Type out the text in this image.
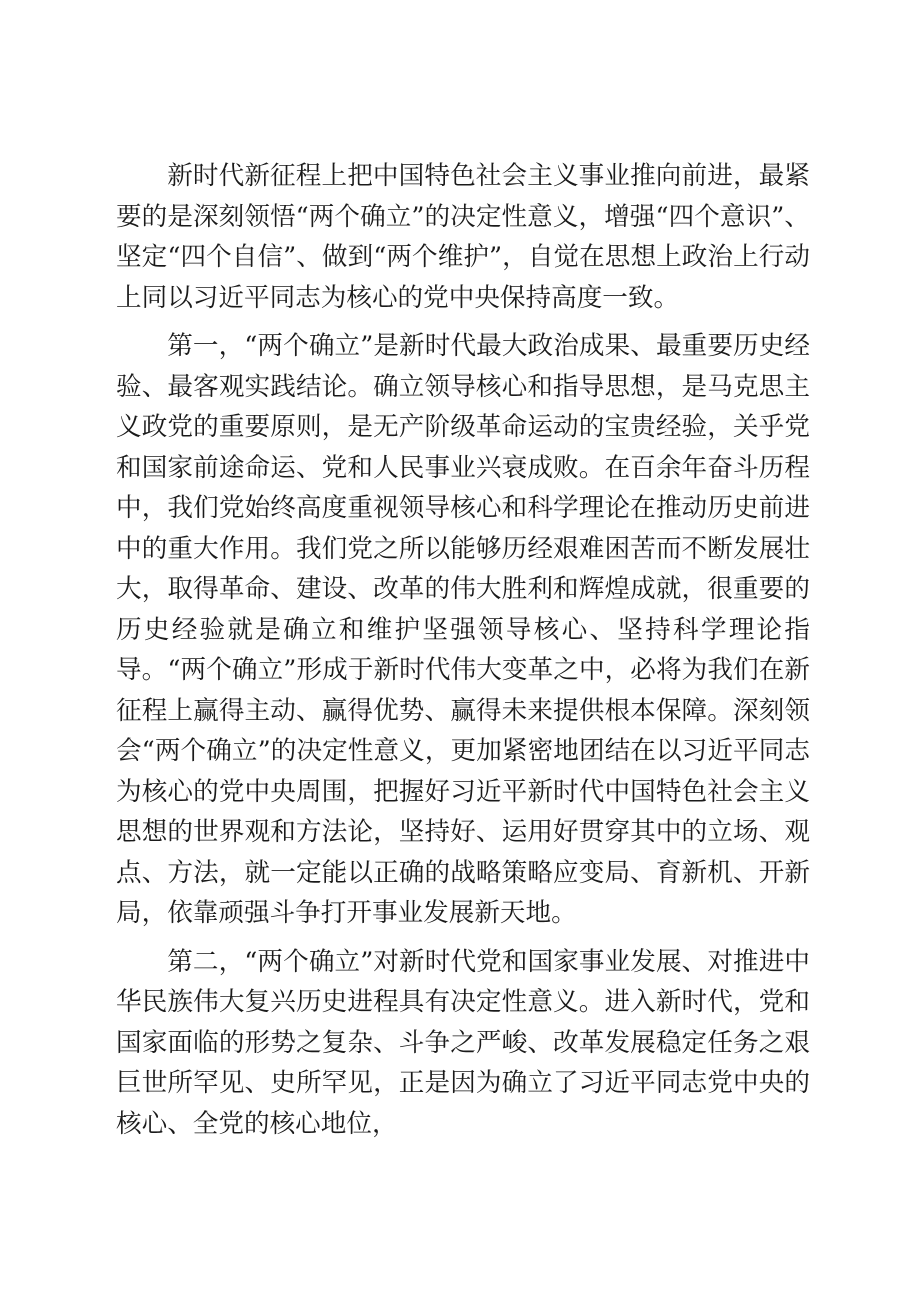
新时代新征程上把中国特色社会主义事业推向前进，最紧要的是深刻领悟“两个确立”的决定性意义，增强“四个意识”、坚定“四个自信”、做到“两个维护”，自觉在思想上政治上行动上同以习近平同志为核心的党中央保持高度一致。

第一，“两个确立”是新时代最大政治成果、最重要历史经验、最客观实践结论。确立领导核心和指导思想，是马克思主义政党的重要原则，是无产阶级革命运动的宝贵经验，关乎党和国家前途命运、党和人民事业兴衰成败。在百余年奋斗历程中，我们党始终高度重视领导核心和科学理论在推动历史前进中的重大作用。我们党之所以能够历经艰难困苦而不断发展壮大，取得革命、建设、改革的伟大胜利和辉煌成就，很重要的历史经验就是确立和维护坚强领导核心、坚持科学理论指导。“两个确立”形成于新时代伟大变革之中，必将为我们在新征程上赢得主动、赢得优势、赢得未来提供根本保障。深刻领会“两个确立”的决定性意义，更加紧密地团结在以习近平同志为核心的党中央周围，把握好习近平新时代中国特色社会主义思想的世界观和方法论，坚持好、运用好贯穿其中的立场、观点、方法，就一定能以正确的战略策略应变局、育新机、开新局，依靠顽强斗争打开事业发展新天地。

第二，“两个确立”对新时代党和国家事业发展、对推进中华民族伟大复兴历史进程具有决定性意义。进入新时代，党和国家面临的形势之复杂、斗争之严峻、改革发展稳定任务之艰巨世所罕见、史所罕见，正是因为确立了习近平同志党中央的核心、全党的核心地位，
